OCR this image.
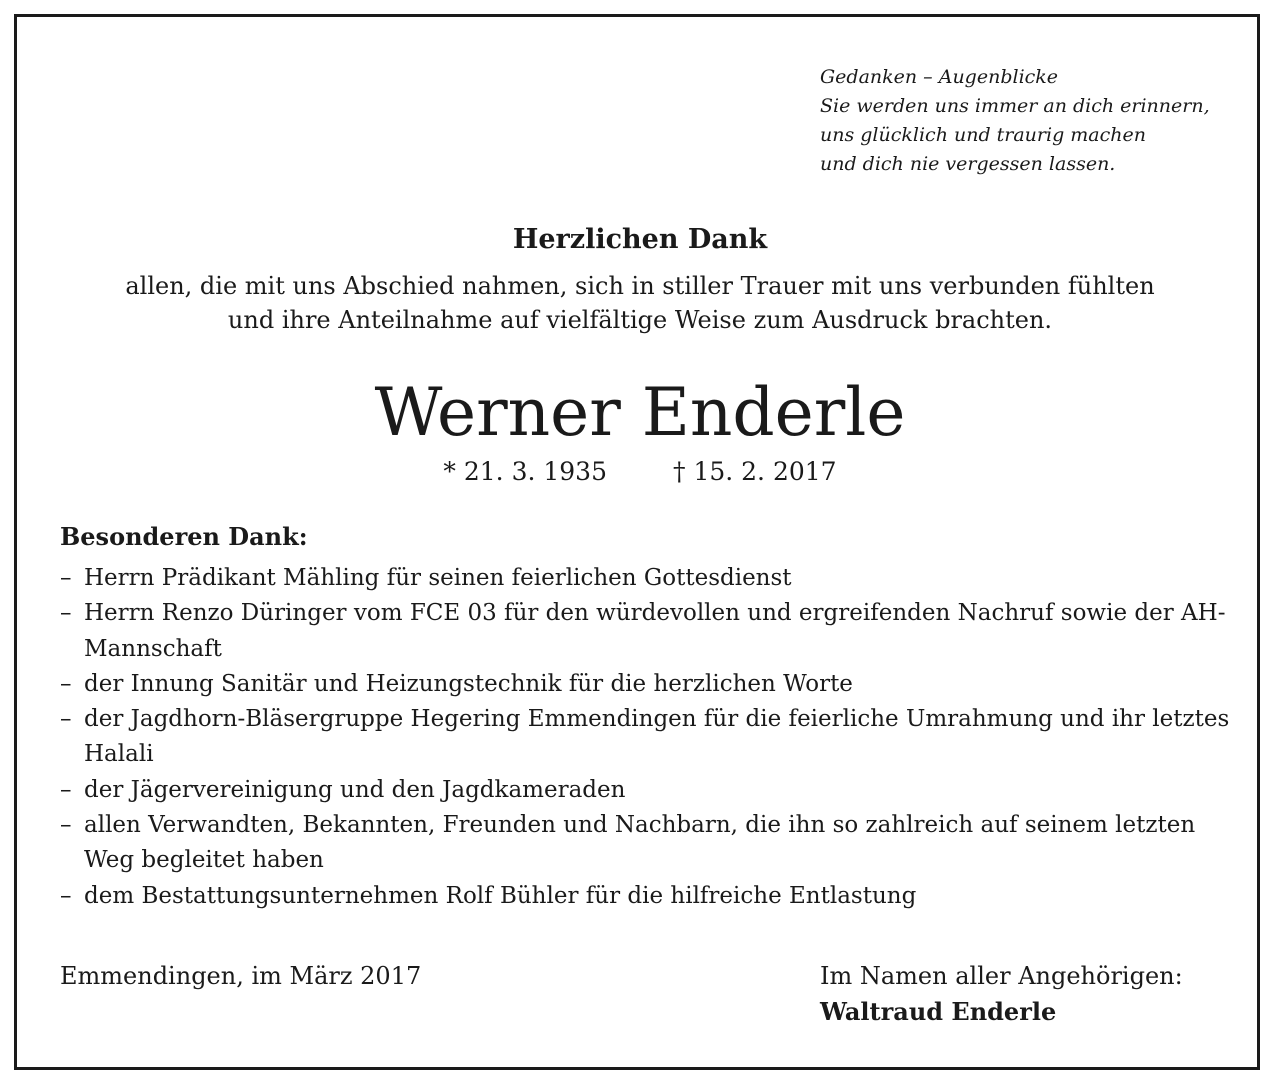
Gedanken – Augenblicke
Sie werden uns immer an dich erinnern,
uns glücklich und traurig machen
und dich nie vergessen lassen.
Herzlichen Dank
allen, die mit uns Abschied nahmen, sich in stiller Trauer mit uns verbunden fühlten
und ihre Anteilnahme auf vielfältige Weise zum Ausdruck brachten.
Werner Enderle
* 21. 3. 1935	† 15. 2. 2017
Besonderen Dank:
– Herrn Prädikant Mähling für seinen feierlichen Gottesdienst
– Herrn Renzo Düringer vom FCE 03 für den würdevollen und ergreifenden Nachruf sowie der AH-Mannschaft
– der Innung Sanitär und Heizungstechnik für die herzlichen Worte
– der Jagdhorn-Bläsergruppe Hegering Emmendingen für die feierliche Umrahmung und ihr letztes Halali
– der Jägervereinigung und den Jagdkameraden
– allen Verwandten, Bekannten, Freunden und Nachbarn, die ihn so zahlreich auf seinem letzten Weg begleitet haben
– dem Bestattungsunternehmen Rolf Bühler für die hilfreiche Entlastung
Emmendingen, im März 2017	Im Namen aller Angehörigen:
Waltraud Enderle
